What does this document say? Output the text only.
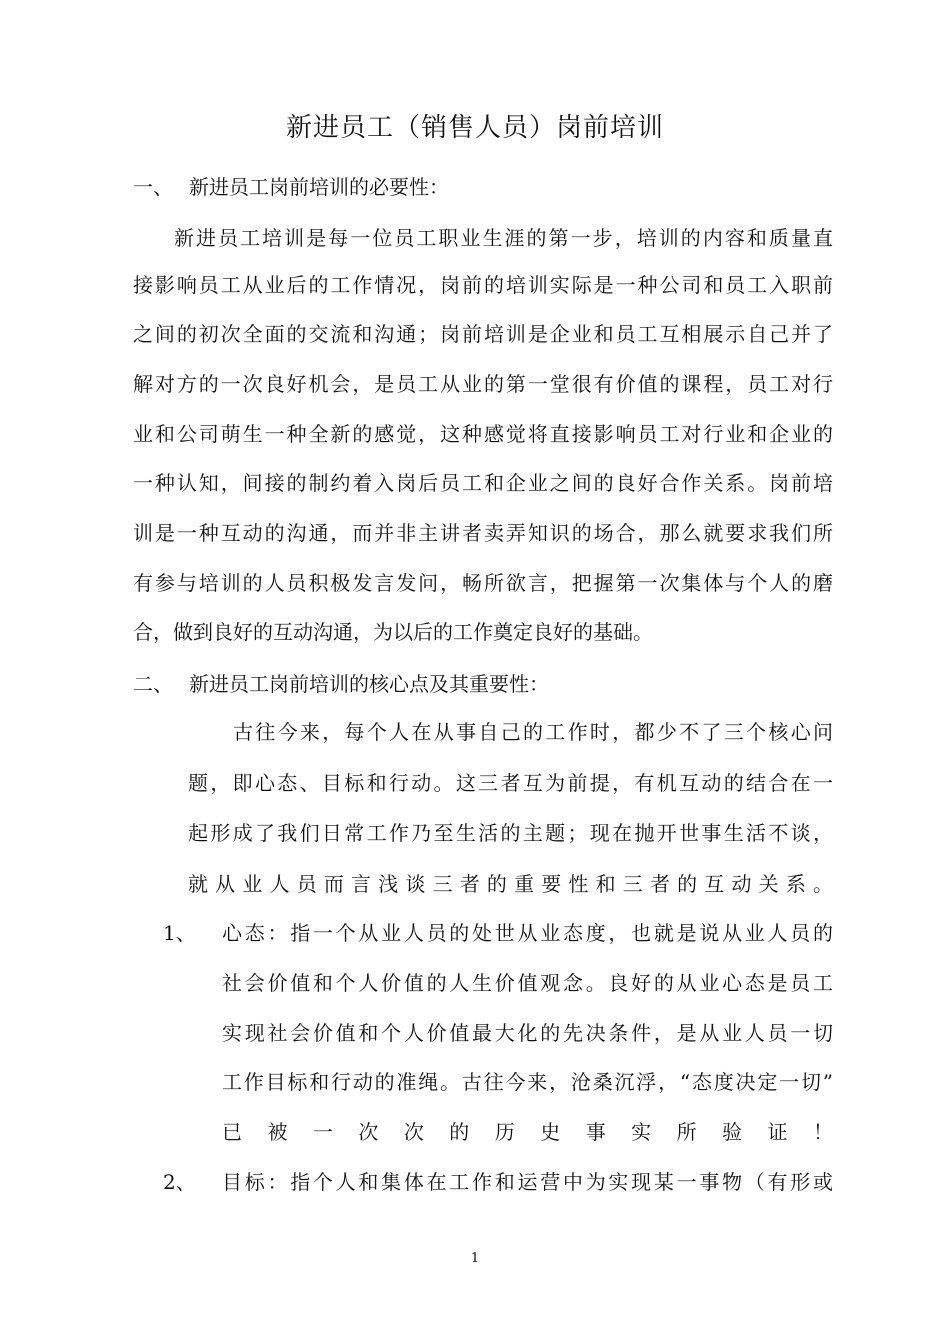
新进员工（销售人员）岗前培训
一、 新进员工岗前培训的必要性：
新进员工培训是每一位员工职业生涯的第一步，培训的内容和质量直
接影响员工从业后的工作情况，岗前的培训实际是一种公司和员工入职前
之间的初次全面的交流和沟通；岗前培训是企业和员工互相展示自己并了
解对方的一次良好机会，是员工从业的第一堂很有价值的课程，员工对行
业和公司萌生一种全新的感觉，这种感觉将直接影响员工对行业和企业的
一种认知，间接的制约着入岗后员工和企业之间的良好合作关系。岗前培
训是一种互动的沟通，而并非主讲者卖弄知识的场合，那么就要求我们所
有参与培训的人员积极发言发问，畅所欲言，把握第一次集体与个人的磨
合，做到良好的互动沟通，为以后的工作奠定良好的基础。
二、 新进员工岗前培训的核心点及其重要性：
古往今来，每个人在从事自己的工作时，都少不了三个核心问
题，即心态、目标和行动。这三者互为前提，有机互动的结合在一
起形成了我们日常工作乃至生活的主题；现在抛开世事生活不谈，
就从业人员而言浅谈三者的重要性和三者的互动关系。
1、 心态：指一个从业人员的处世从业态度，也就是说从业人员的
社会价值和个人价值的人生价值观念。良好的从业心态是员工
实现社会价值和个人价值最大化的先决条件，是从业人员一切
工作目标和行动的准绳。古往今来，沧桑沉浮，“态度决定一切”
已被一次次的历史事实所验证！
2、 目标：指个人和集体在工作和运营中为实现某一事物（有形或
1
